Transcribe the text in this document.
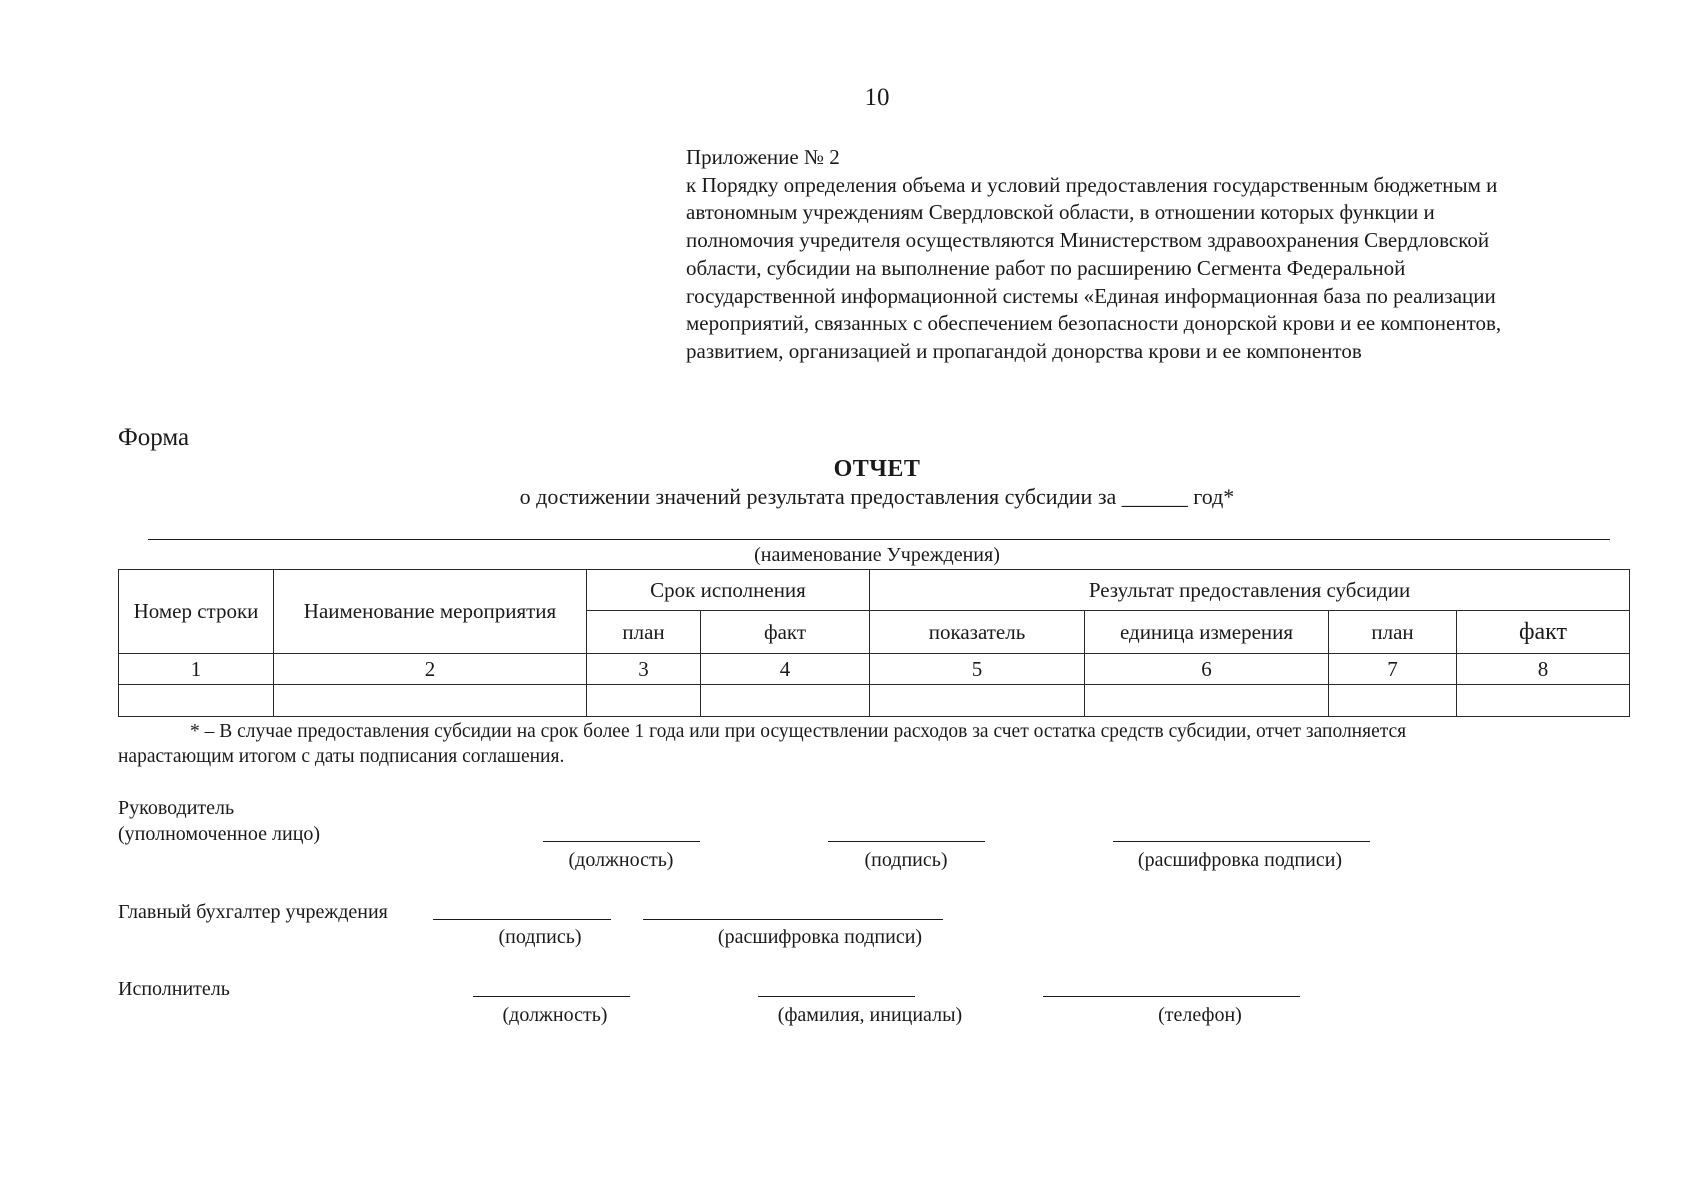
10
Приложение № 2
к Порядку определения объема и условий предоставления государственным бюджетным и
автономным учреждениям Свердловской области, в отношении которых функции и
полномочия учредителя осуществляются Министерством здравоохранения Свердловской
области, субсидии на выполнение работ по расширению Сегмента Федеральной
государственной информационной системы «Единая информационная база по реализации
мероприятий, связанных с обеспечением безопасности донорской крови и ее компонентов,
развитием, организацией и пропагандой донорства крови и ее компонентов
Форма
ОТЧЕТ
о достижении значений результата предоставления субсидии за ______ год*
(наименование Учреждения)
Номер строки	Наименование мероприятия	Срок исполнения		Результат предоставления субсидии			
		план	факт	показатель	единица измерения	план	факт
1	2	3	4	5	6	7	8

* – В случае предоставления субсидии на срок более 1 года или при осуществлении расходов за счет остатка средств субсидии, отчет заполняется
нарастающим итогом с даты подписания соглашения.
Руководитель
(уполномоченное лицо)
(должность)	(подпись)	(расшифровка подписи)
Главный бухгалтер учреждения
(подпись)	(расшифровка подписи)
Исполнитель
(должность)	(фамилия, инициалы)	(телефон)
